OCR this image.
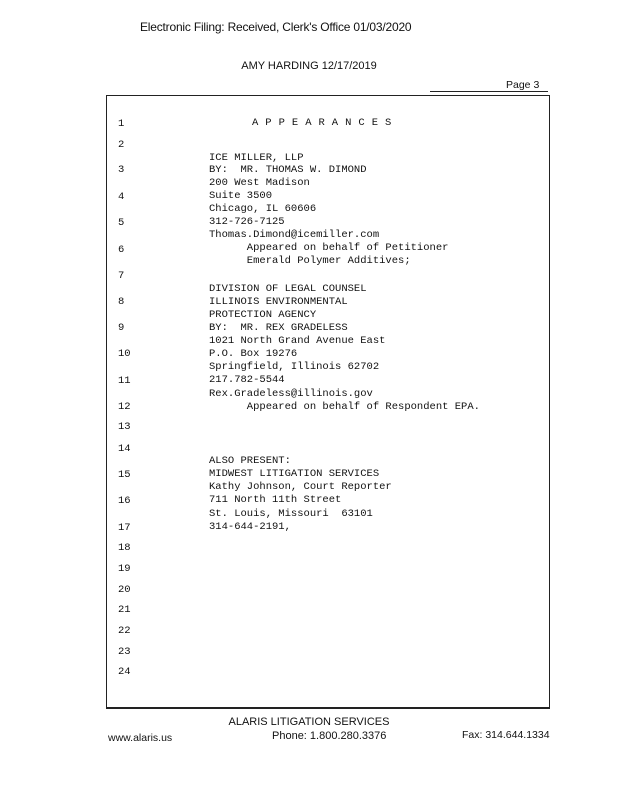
Electronic Filing: Received, Clerk's Office 01/03/2020
AMY HARDING 12/17/2019
Page 3
APPEARANCES
1
2
3
4
5
6
7
8
9
10
11
12
13
14
15
16
17
18
19
20
21
22
23
24
ICE MILLER, LLP
BY:  MR. THOMAS W. DIMOND
200 West Madison
Suite 3500
Chicago, IL 60606
312-726-7125
Thomas.Dimond@icemiller.com
Appeared on behalf of Petitioner
Emerald Polymer Additives;
DIVISION OF LEGAL COUNSEL
ILLINOIS ENVIRONMENTAL
PROTECTION AGENCY
BY:  MR. REX GRADELESS
1021 North Grand Avenue East
P.O. Box 19276
Springfield, Illinois 62702
217.782-5544
Rex.Gradeless@illinois.gov
Appeared on behalf of Respondent EPA.
ALSO PRESENT:
MIDWEST LITIGATION SERVICES
Kathy Johnson, Court Reporter
711 North 11th Street
St. Louis, Missouri  63101
314-644-2191,
ALARIS LITIGATION SERVICES
www.alaris.us	Phone: 1.800.280.3376	Fax: 314.644.1334
